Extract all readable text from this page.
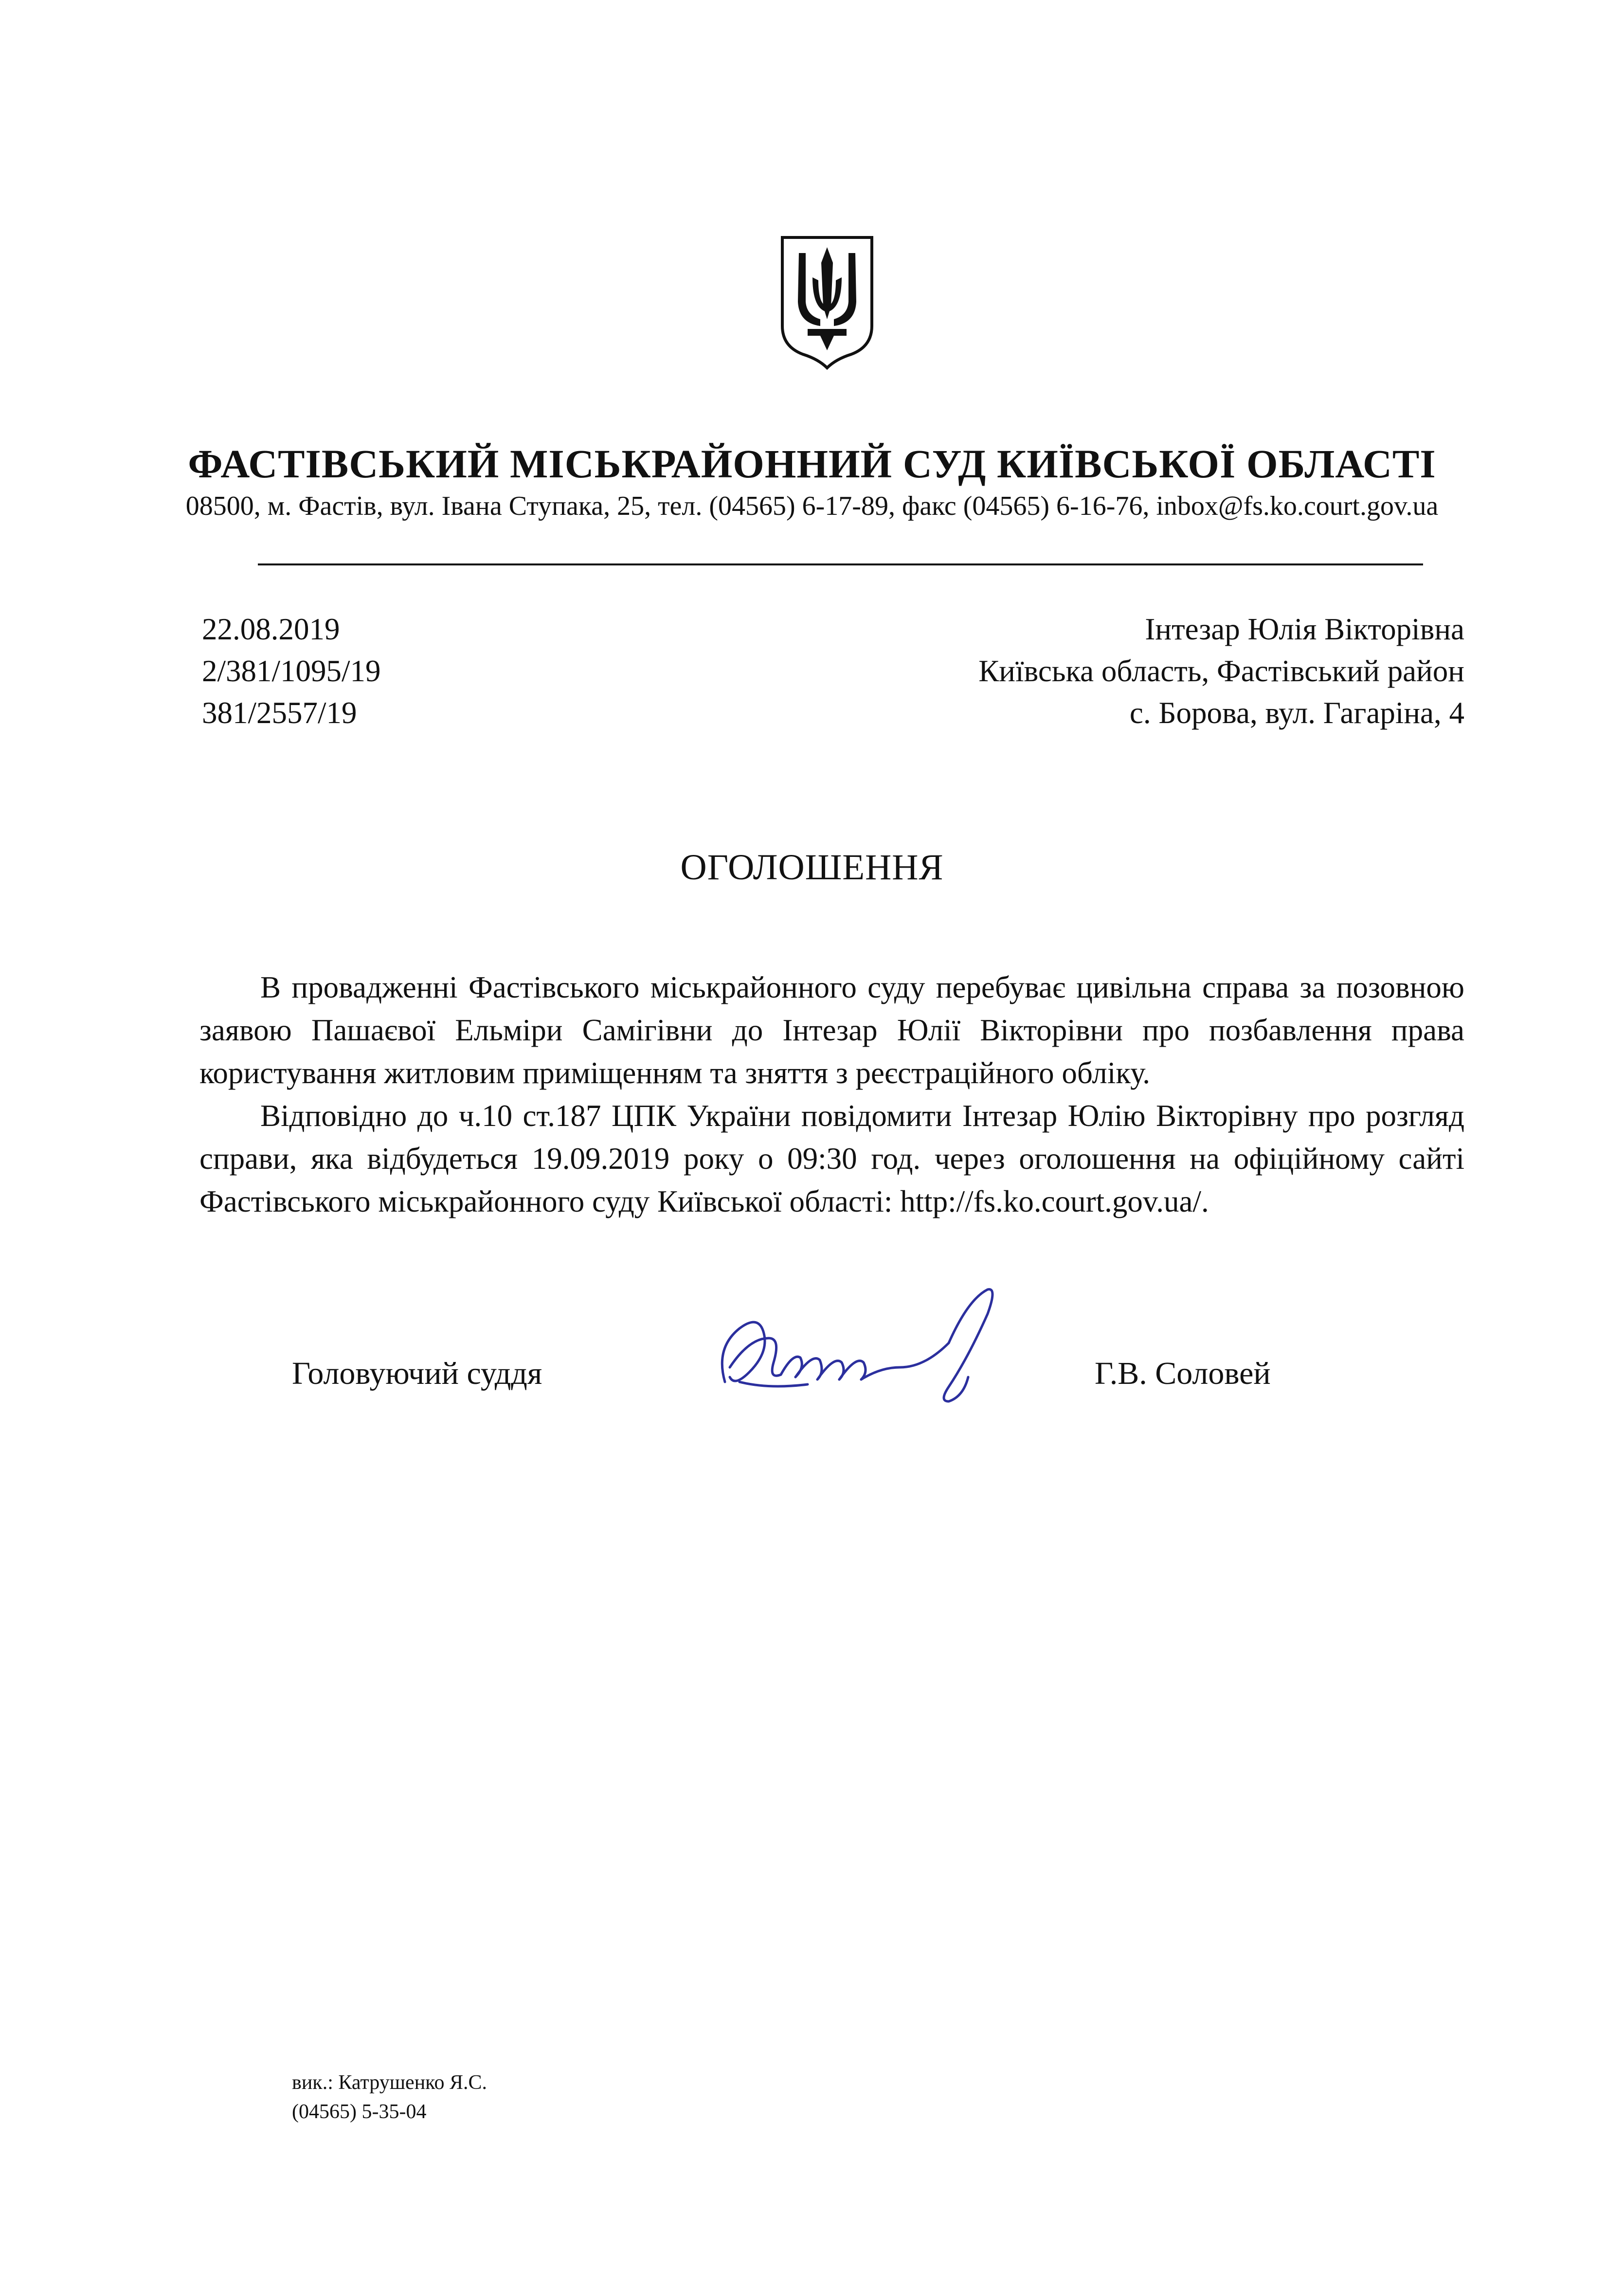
ФАСТІВСЬКИЙ МІСЬКРАЙОННИЙ СУД КИЇВСЬКОЇ ОБЛАСТІ
08500, м. Фастів, вул. Івана Ступака, 25, тел. (04565) 6-17-89, факс (04565) 6-16-76, inbox@fs.ko.court.gov.ua
22.08.2019
2/381/1095/19
381/2557/19
Інтезар Юлія Вікторівна
Київська область, Фастівський район
с. Борова, вул. Гагаріна, 4
ОГОЛОШЕННЯ

В провадженні Фастівського міськрайонного суду перебуває цивільна справа за позовною заявою Пашаєвої Ельміри Самігівни до Інтезар Юлії Вікторівни про позбавлення права користування житловим приміщенням та зняття з реєстраційного обліку.

Відповідно до ч.10 ст.187 ЦПК України повідомити Інтезар Юлію Вікторівну про розгляд справи, яка відбудеться 19.09.2019 року о 09:30 год. через оголошення на офіційному сайті Фастівського міськрайонного суду Київської області: http://fs.ko.court.gov.ua/.

Головуючий суддя	Г.В. Соловей
вик.: Катрушенко Я.С.
(04565) 5-35-04
